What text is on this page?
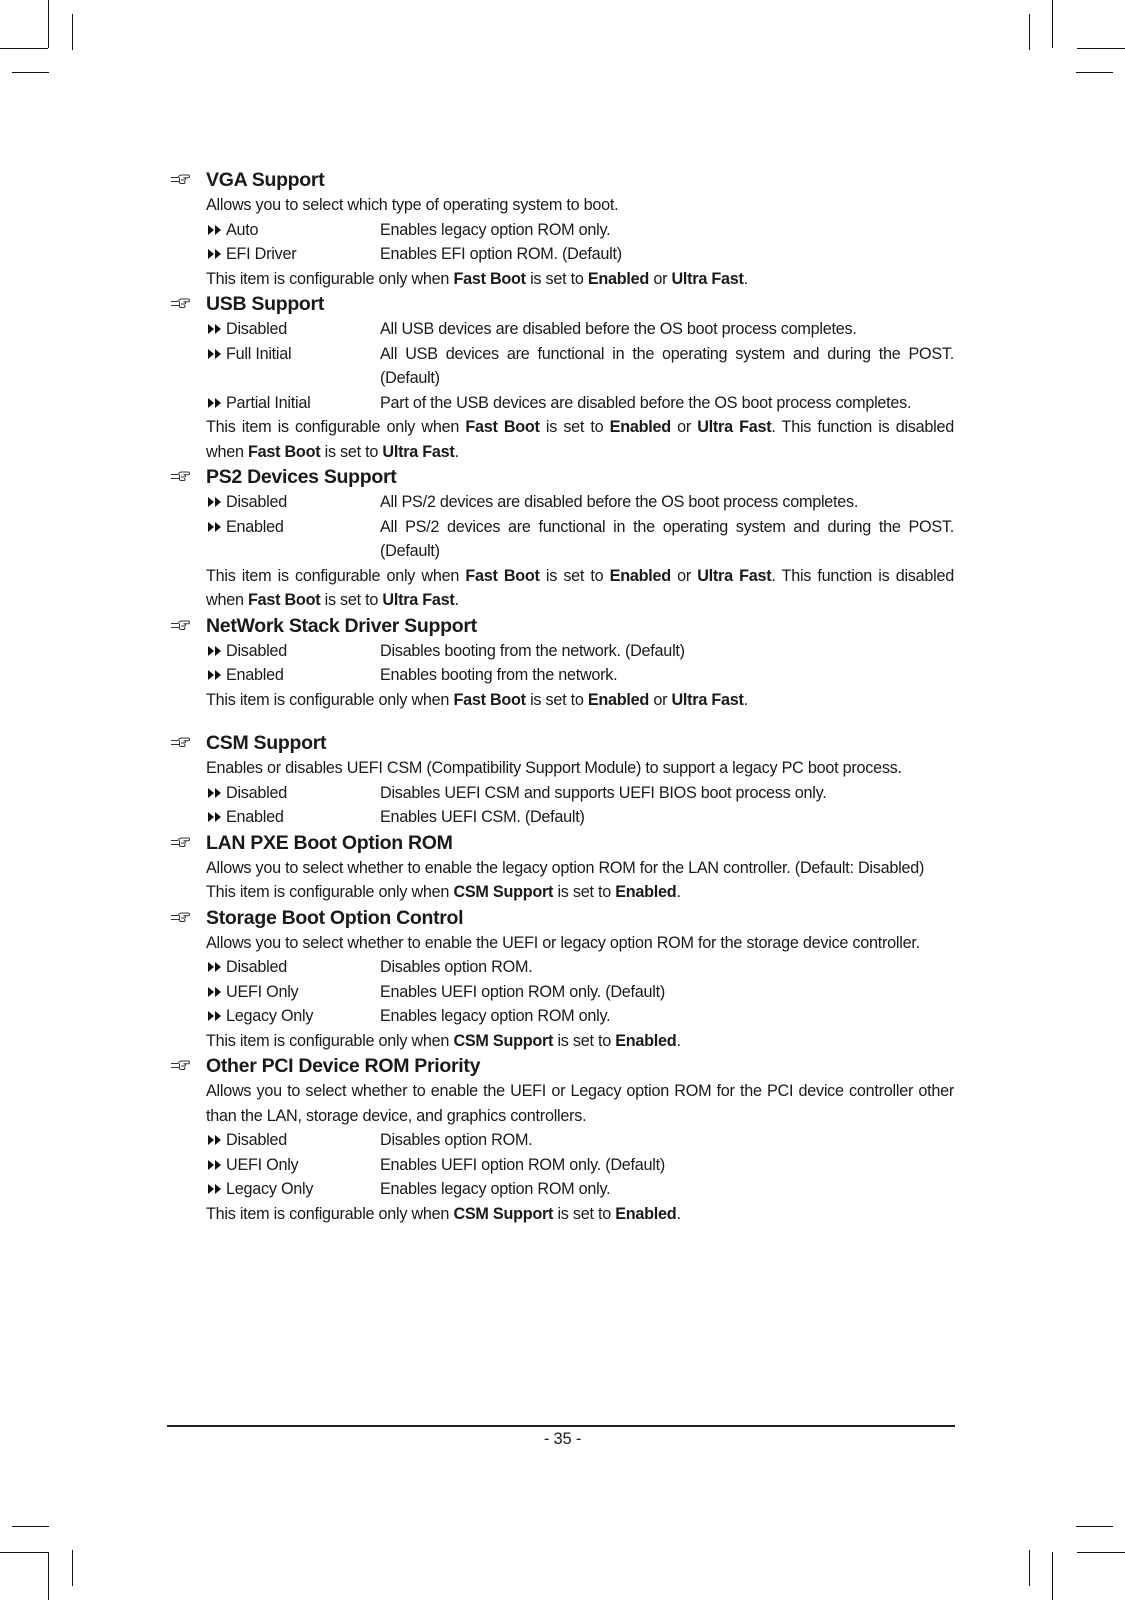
VGA Support

Allows you to select which type of operating system to boot.

Auto	Enables legacy option ROM only.
EFI Driver	Enables EFI option ROM. (Default)

This item is configurable only when Fast Boot is set to Enabled or Ultra Fast.

USB Support
Disabled	All USB devices are disabled before the OS boot process completes.
Full Initial	All USB devices are functional in the operating system and during the POST. (Default)
Partial Initial	Part of the USB devices are disabled before the OS boot process completes.

This item is configurable only when Fast Boot is set to Enabled or Ultra Fast. This function is disabled when Fast Boot is set to Ultra Fast.

PS2 Devices Support
Disabled	All PS/2 devices are disabled before the OS boot process completes.
Enabled	All PS/2 devices are functional in the operating system and during the POST. (Default)

This item is configurable only when Fast Boot is set to Enabled or Ultra Fast. This function is disabled when Fast Boot is set to Ultra Fast.

NetWork Stack Driver Support
Disabled	Disables booting from the network. (Default)
Enabled	Enables booting from the network.

This item is configurable only when Fast Boot is set to Enabled or Ultra Fast.

CSM Support

Enables or disables UEFI CSM (Compatibility Support Module) to support a legacy PC boot process.

Disabled	Disables UEFI CSM and supports UEFI BIOS boot process only.
Enabled	Enables UEFI CSM. (Default)
LAN PXE Boot Option ROM

Allows you to select whether to enable the legacy option ROM for the LAN controller. (Default: Disabled)

This item is configurable only when CSM Support is set to Enabled.

Storage Boot Option Control

Allows you to select whether to enable the UEFI or legacy option ROM for the storage device controller.

Disabled	Disables option ROM.
UEFI Only	Enables UEFI option ROM only. (Default)
Legacy Only	Enables legacy option ROM only.

This item is configurable only when CSM Support is set to Enabled.

Other PCI Device ROM Priority

Allows you to select whether to enable the UEFI or Legacy option ROM for the PCI device controller other than the LAN, storage device, and graphics controllers.

Disabled	Disables option ROM.
UEFI Only	Enables UEFI option ROM only. (Default)
Legacy Only	Enables legacy option ROM only.

This item is configurable only when CSM Support is set to Enabled.

- 35 -
